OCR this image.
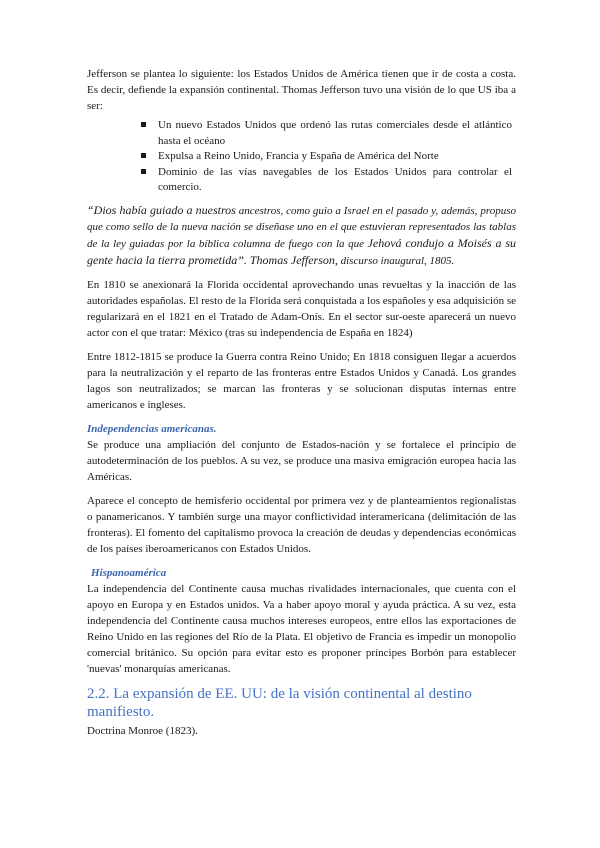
Jefferson se plantea lo siguiente: los Estados Unidos de América tienen que ir de costa a costa. Es decir, defiende la expansión continental. Thomas Jefferson tuvo una visión de lo que US iba a ser:

Un nuevo Estados Unidos que ordenó las rutas comerciales desde el atlántico hasta el océano
Expulsa a Reino Unido, Francia y España de América del Norte
Dominio de las vías navegables de los Estados Unidos para controlar el comercio.

“Dios había guiado a nuestros ancestros, como guio a Israel en el pasado y, además, propuso que como sello de la nueva nación se diseñase uno en el que estuvieran representados las tablas de la ley guiadas por la bíblica columna de fuego con la que Jehová condujo a Moisés a su gente hacia la tierra prometida”. Thomas Jefferson, discurso inaugural, 1805.

En 1810 se anexionará la Florida occidental aprovechando unas revueltas y la inacción de las autoridades españolas. El resto de la Florida será conquistada a los españoles y esa adquisición se regularizará en el 1821 en el Tratado de Adam-Onís. En el sector sur-oeste aparecerá un nuevo actor con el que tratar: México (tras su independencia de España en 1824)

Entre 1812-1815 se produce la Guerra contra Reino Unido; En 1818 consiguen llegar a acuerdos para la neutralización y el reparto de las fronteras entre Estados Unidos y Canadá. Los grandes lagos son neutralizados; se marcan las fronteras y se solucionan disputas internas entre americanos e ingleses.

Independencias americanas.

Se produce una ampliación del conjunto de Estados-nación y se fortalece el principio de autodeterminación de los pueblos. A su vez, se produce una masiva emigración europea hacia las Américas.

Aparece el concepto de hemisferio occidental por primera vez y de planteamientos regionalistas o panamericanos. Y también surge una mayor conflictividad interamericana (delimitación de las fronteras). El fomento del capitalismo provoca la creación de deudas y dependencias económicas de los países iberoamericanos con Estados Unidos.

Hispanoamérica

La independencia del Continente causa muchas rivalidades internacionales, que cuenta con el apoyo en Europa y en Estados unidos. Va a haber apoyo moral y ayuda práctica. A su vez, esta independencia del Continente causa muchos intereses europeos, entre ellos las exportaciones de Reino Unido en las regiones del Río de la Plata. El objetivo de Francia es impedir un monopolio comercial británico. Su opción para evitar esto es proponer príncipes Borbón para establecer 'nuevas' monarquías americanas.

2.2. La expansión de EE. UU: de la visión continental al destino manifiesto.

Doctrina Monroe (1823).
